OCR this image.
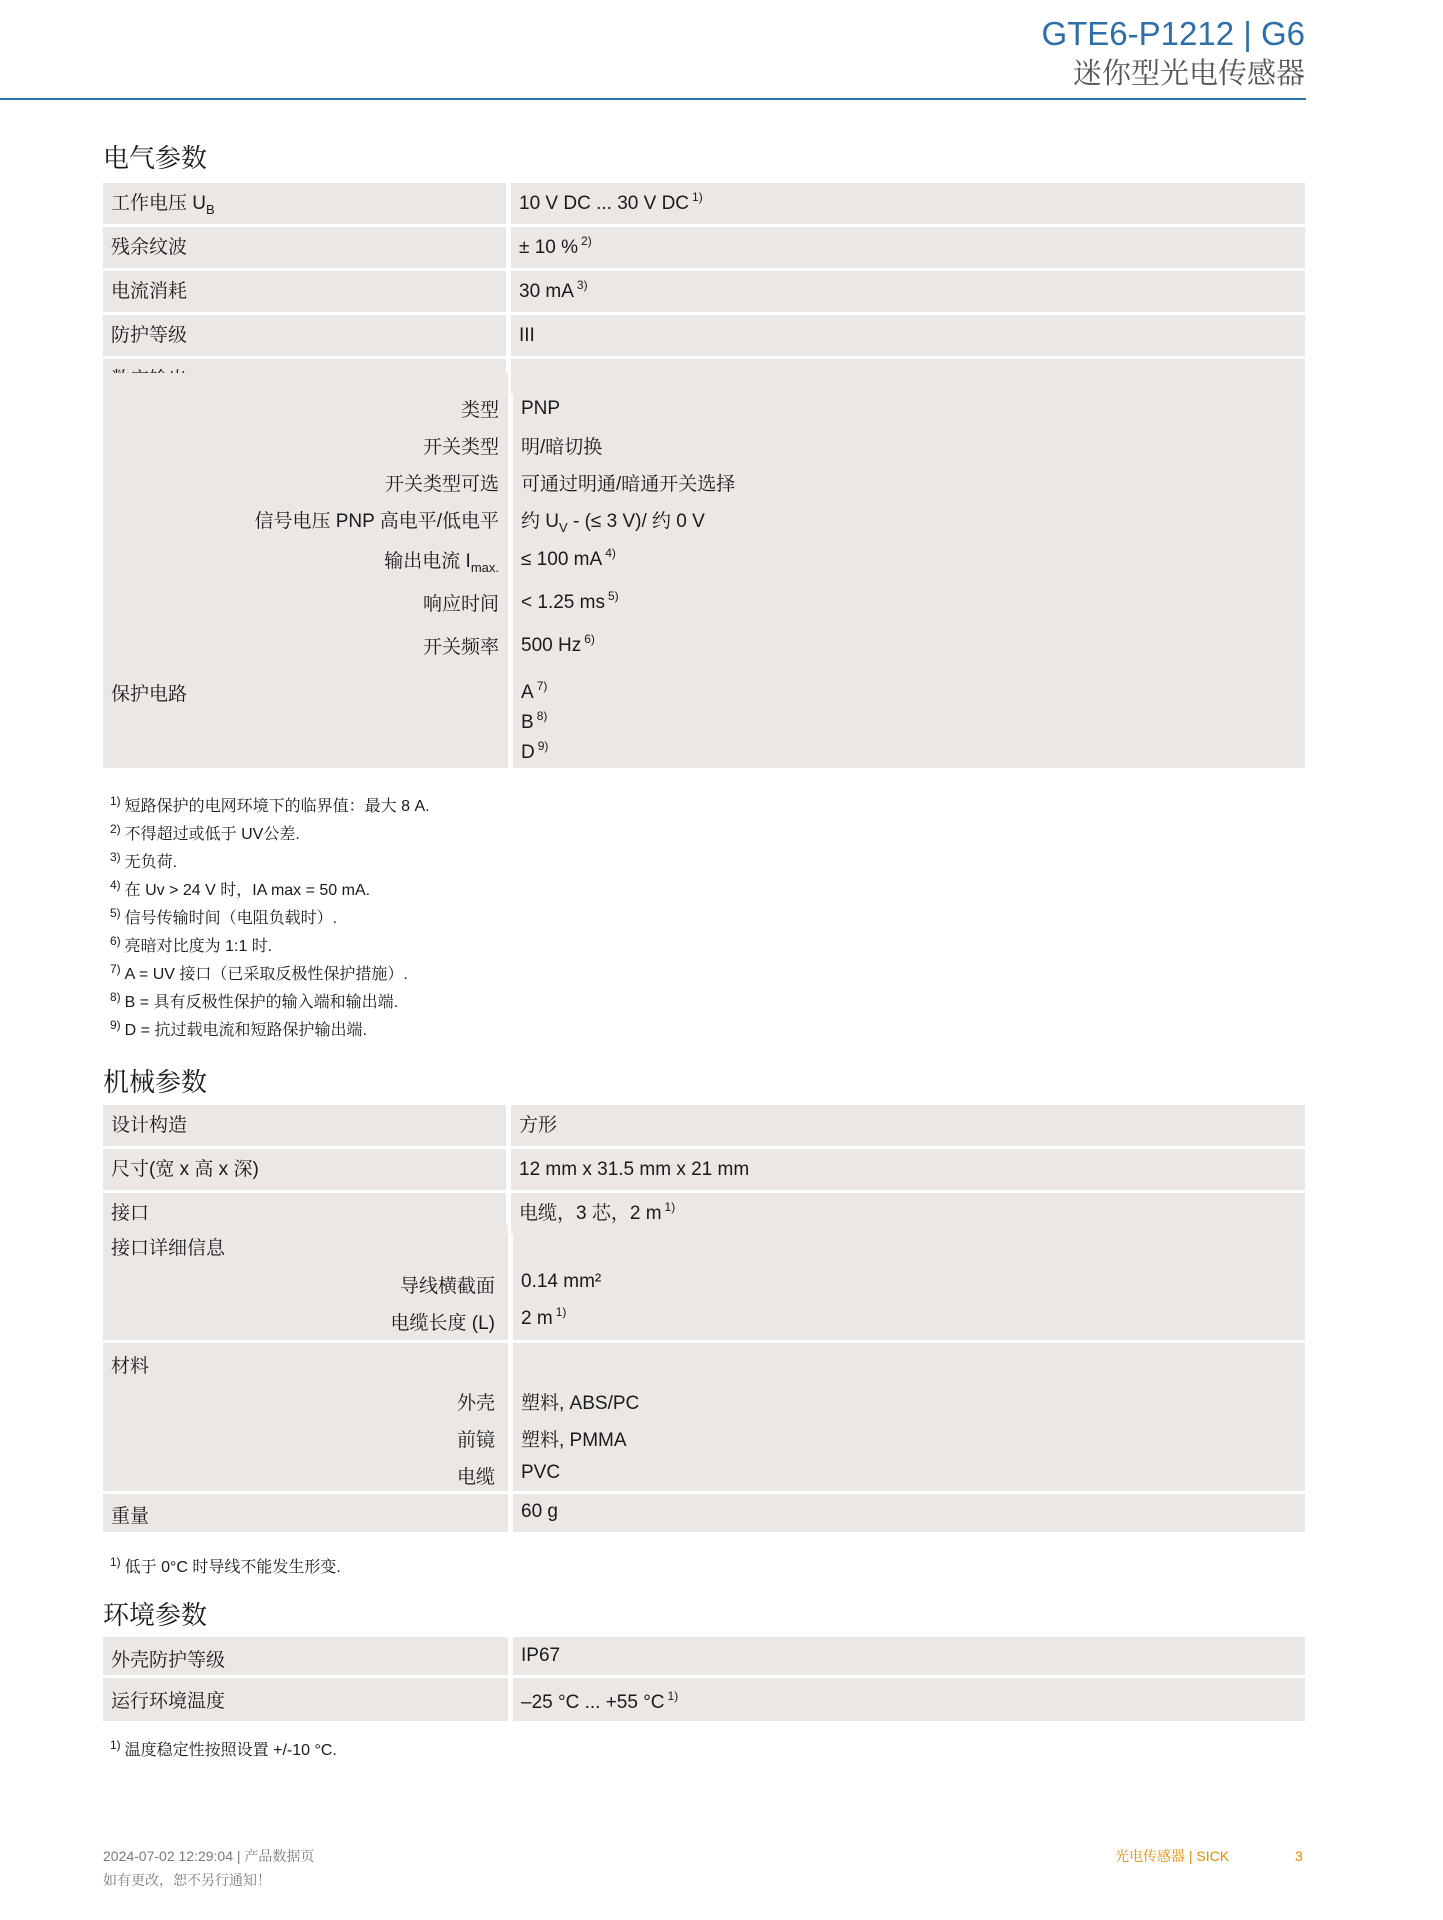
GTE6-P1212 | G6
迷你型光电传感器
电气参数
工作电压 $U_B$	10 V DC ... 30 V DC $^{1)}$
残余纹波	± 10 % $^{2)}$
电流消耗	30 mA $^{3)}$
防护等级	III

类型	PNP
开关类型	明/暗切换
开关类型可选	可通过明通/暗通开关选择
信号电压 PNP 高电平/低电平	约 $U_V$ - (≤ 3 V)/ 约 0 V
输出电流 $I_{max.}$	≤ 100 mA $^{4)}$
响应时间	< 1.25 ms $^{5)}$
开关频率	500 Hz $^{6)}$
保护电路	A $^{7)}$
B $^{8)}$
D $^{9)}$
$^{1)}$ 短路保护的电网环境下的临界值：最大 8 A.
$^{2)}$ 不得超过或低于 UV公差.
$^{3)}$ 无负荷.
$^{4)}$ 在 Uv > 24 V 时，IA max = 50 mA.
$^{5)}$ 信号传输时间（电阻负载时）.
$^{6)}$ 亮暗对比度为 1:1 时.
$^{7)}$ A = UV 接口（已采取反极性保护措施）.
$^{8)}$ B = 具有反极性保护的输入端和输出端.
$^{9)}$ D = 抗过载电流和短路保护输出端.
机械参数
设计构造	方形
尺寸(宽 x 高 x 深)	12 mm x 31.5 mm x 21 mm
接口	电缆，3 芯，2 m $^{1)}$
接口详细信息
导线横截面 0.14 mm²
电缆长度 (L) 2 m $^{1)}$
材料
外壳 塑料, ABS/PC
前镜 塑料, PMMA
电缆 PVC
重量	60 g
$^{1)}$ 低于 0°C 时导线不能发生形变.
环境参数
外壳防护等级	IP67
运行环境温度	–25 °C ... +55 °C $^{1)}$
$^{1)}$ 温度稳定性按照设置 +/-10 °C.
2024-07-02 12:29:04 | 产品数据页
如有更改，恕不另行通知！
光电传感器 | SICK	3
